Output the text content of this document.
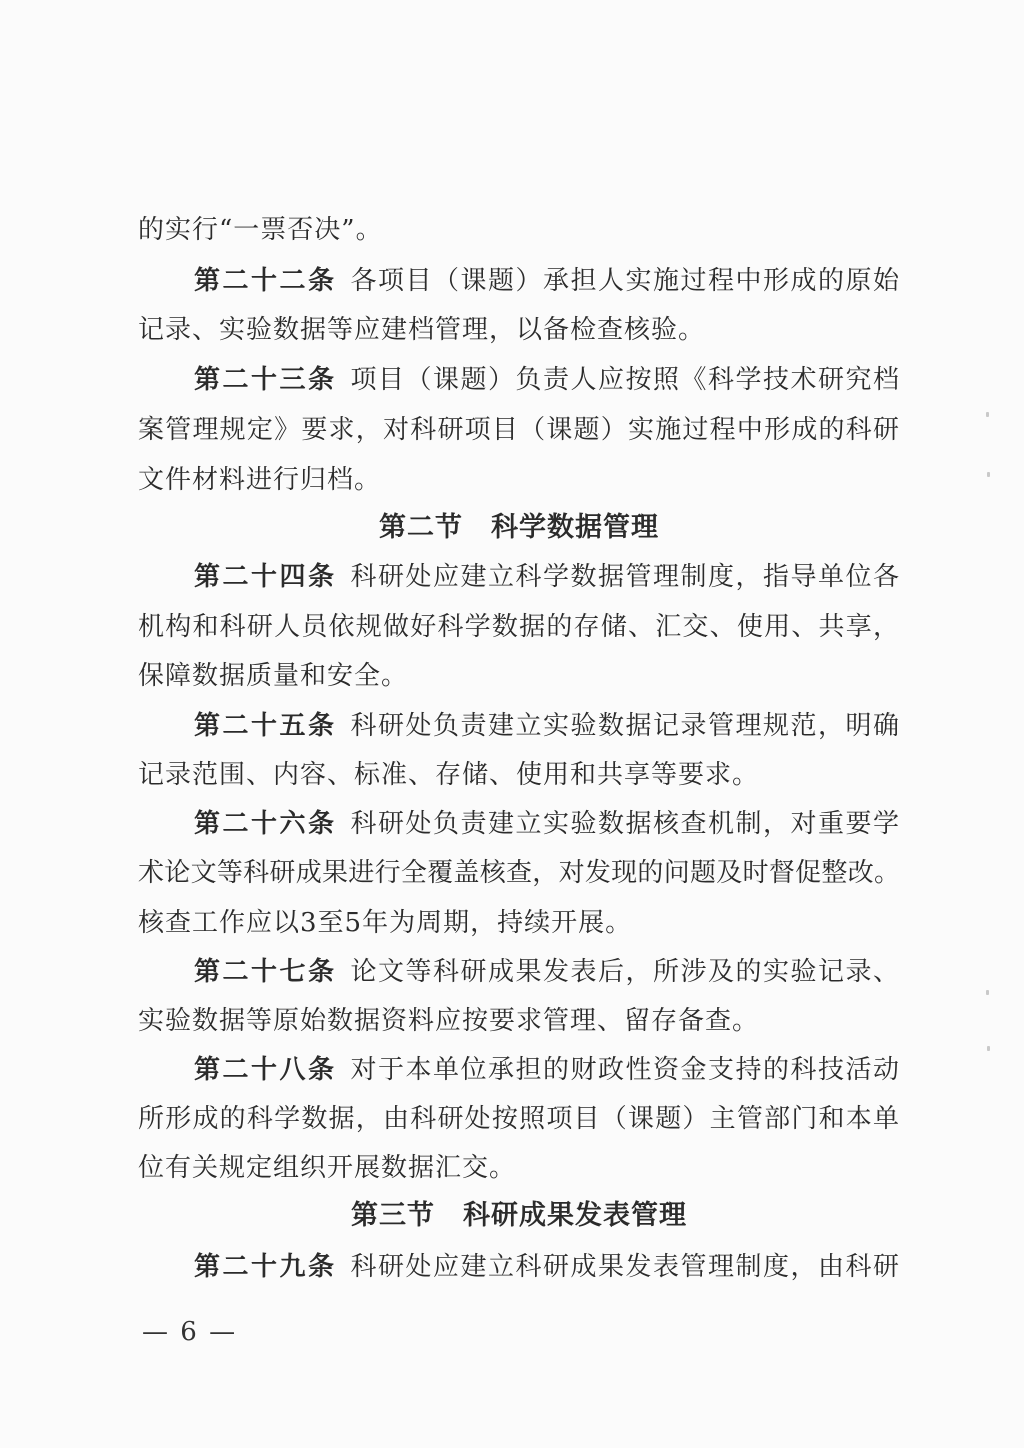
的实行“一票否决”。
第二十二条 各项目（课题）承担人实施过程中形成的原始
记录、实验数据等应建档管理，以备检查核验。
第二十三条 项目（课题）负责人应按照《科学技术研究档
案管理规定》要求，对科研项目（课题）实施过程中形成的科研
文件材料进行归档。
第二节 科学数据管理
第二十四条 科研处应建立科学数据管理制度，指导单位各
机构和科研人员依规做好科学数据的存储、汇交、使用、共享，
保障数据质量和安全。
第二十五条 科研处负责建立实验数据记录管理规范，明确
记录范围、内容、标准、存储、使用和共享等要求。
第二十六条 科研处负责建立实验数据核查机制，对重要学
术论文等科研成果进行全覆盖核查，对发现的问题及时督促整改。
核查工作应以3至5年为周期，持续开展。
第二十七条 论文等科研成果发表后，所涉及的实验记录、
实验数据等原始数据资料应按要求管理、留存备查。
第二十八条 对于本单位承担的财政性资金支持的科技活动
所形成的科学数据，由科研处按照项目（课题）主管部门和本单
位有关规定组织开展数据汇交。
第三节 科研成果发表管理
第二十九条 科研处应建立科研成果发表管理制度，由科研
— 6 —
